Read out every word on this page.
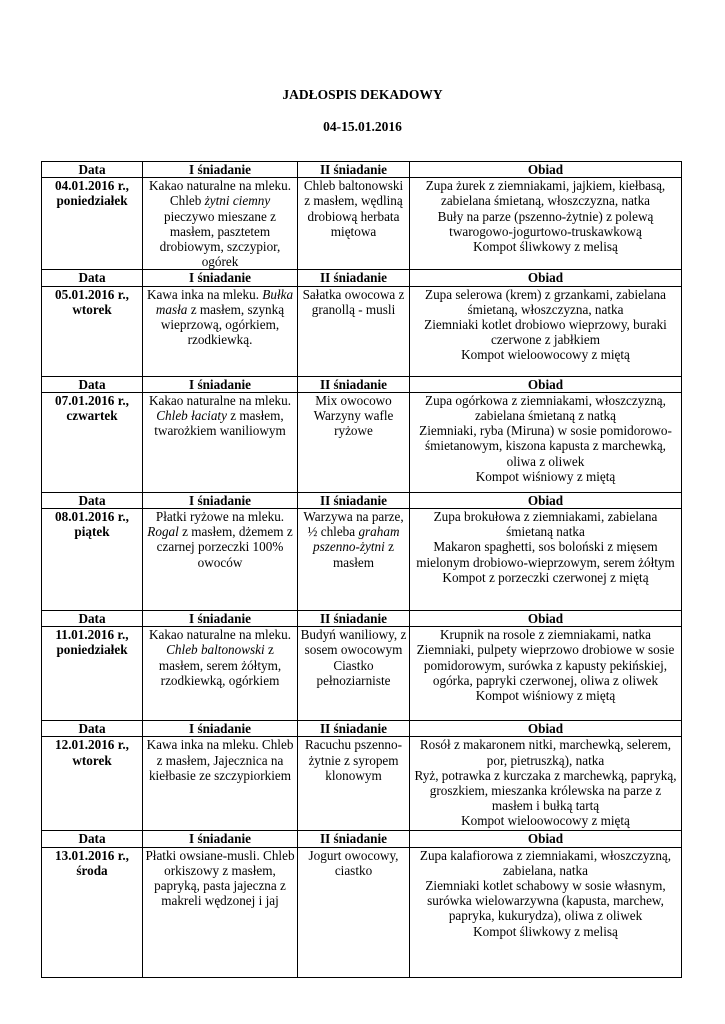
JADŁOSPIS DEKADOWY
04-15.01.2016
Data	I śniadanie	II śniadanie	Obiad

04.01.2016 r.,
poniedziałek	Kakao naturalne na mleku. Chleb żytni ciemny pieczywo mieszane z masłem, pasztetem drobiowym, szczypior, ogórek	Chleb baltonowski z masłem, wędliną drobiową herbata miętowa	Zupa żurek z ziemniakami, jajkiem, kiełbasą, zabielana śmietaną, włoszczyzna, natka
Buły na parze (pszenno-żytnie) z polewą twarogowo-jogurtowo-truskawkową
Kompot śliwkowy z melisą

Data	I śniadanie	II śniadanie	Obiad

05.01.2016 r.,
wtorek	Kawa inka na mleku. Bułka masła z masłem, szynką wieprzową, ogórkiem, rzodkiewką.	Sałatka owocowa z granollą - musli	Zupa selerowa (krem) z grzankami, zabielana śmietaną, włoszczyzna, natka
Ziemniaki kotlet drobiowo wieprzowy, buraki czerwone z jabłkiem
Kompot wieloowocowy z miętą

Data	I śniadanie	II śniadanie	Obiad

07.01.2016 r.,
czwartek	Kakao naturalne na mleku. Chleb łaciaty z masłem, twarożkiem waniliowym	Mix owocowo Warzyny wafle ryżowe	Zupa ogórkowa z ziemniakami, włoszczyzną, zabielana śmietaną z natką
Ziemniaki, ryba (Miruna) w sosie pomidorowo-śmietanowym, kiszona kapusta z marchewką, oliwa z oliwek
Kompot wiśniowy z miętą

Data	I śniadanie	II śniadanie	Obiad

08.01.2016 r.,
piątek	Płatki ryżowe na mleku. Rogal z masłem, dżemem z czarnej porzeczki 100% owoców	Warzywa na parze, ½ chleba graham pszenno-żytni z masłem	Zupa brokułowa z ziemniakami, zabielana śmietaną natka
Makaron spaghetti, sos boloński z mięsem mielonym drobiowo-wieprzowym, serem żółtym
Kompot z porzeczki czerwonej z miętą

Data	I śniadanie	II śniadanie	Obiad

11.01.2016 r.,
poniedziałek	Kakao naturalne na mleku. Chleb baltonowski z masłem, serem żółtym, rzodkiewką, ogórkiem	Budyń waniliowy, z sosem owocowym Ciastko pełnoziarniste	Krupnik na rosole z ziemniakami, natka
Ziemniaki, pulpety wieprzowo drobiowe w sosie pomidorowym, surówka z kapusty pekińskiej, ogórka, papryki czerwonej, oliwa z oliwek
Kompot wiśniowy z miętą

Data	I śniadanie	II śniadanie	Obiad

12.01.2016 r.,
wtorek	Kawa inka na mleku. Chleb z masłem, Jajecznica na kiełbasie ze szczypiorkiem	Racuchu pszenno-żytnie z syropem klonowym	Rosół z makaronem nitki, marchewką, selerem, por, pietruszką), natka
Ryż, potrawka z kurczaka z marchewką, papryką, groszkiem, mieszanka królewska na parze z masłem i bułką tartą
Kompot wieloowocowy z miętą

Data	I śniadanie	II śniadanie	Obiad

13.01.2016 r.,
środa	Płatki owsiane-musli. Chleb orkiszowy z masłem, papryką, pasta jajeczna z makreli wędzonej i jaj	Jogurt owocowy, ciastko	Zupa kalafiorowa z ziemniakami, włoszczyzną, zabielana, natka
Ziemniaki kotlet schabowy w sosie własnym, surówka wielowarzywna (kapusta, marchew, papryka, kukurydza), oliwa z oliwek
Kompot śliwkowy z melisą
